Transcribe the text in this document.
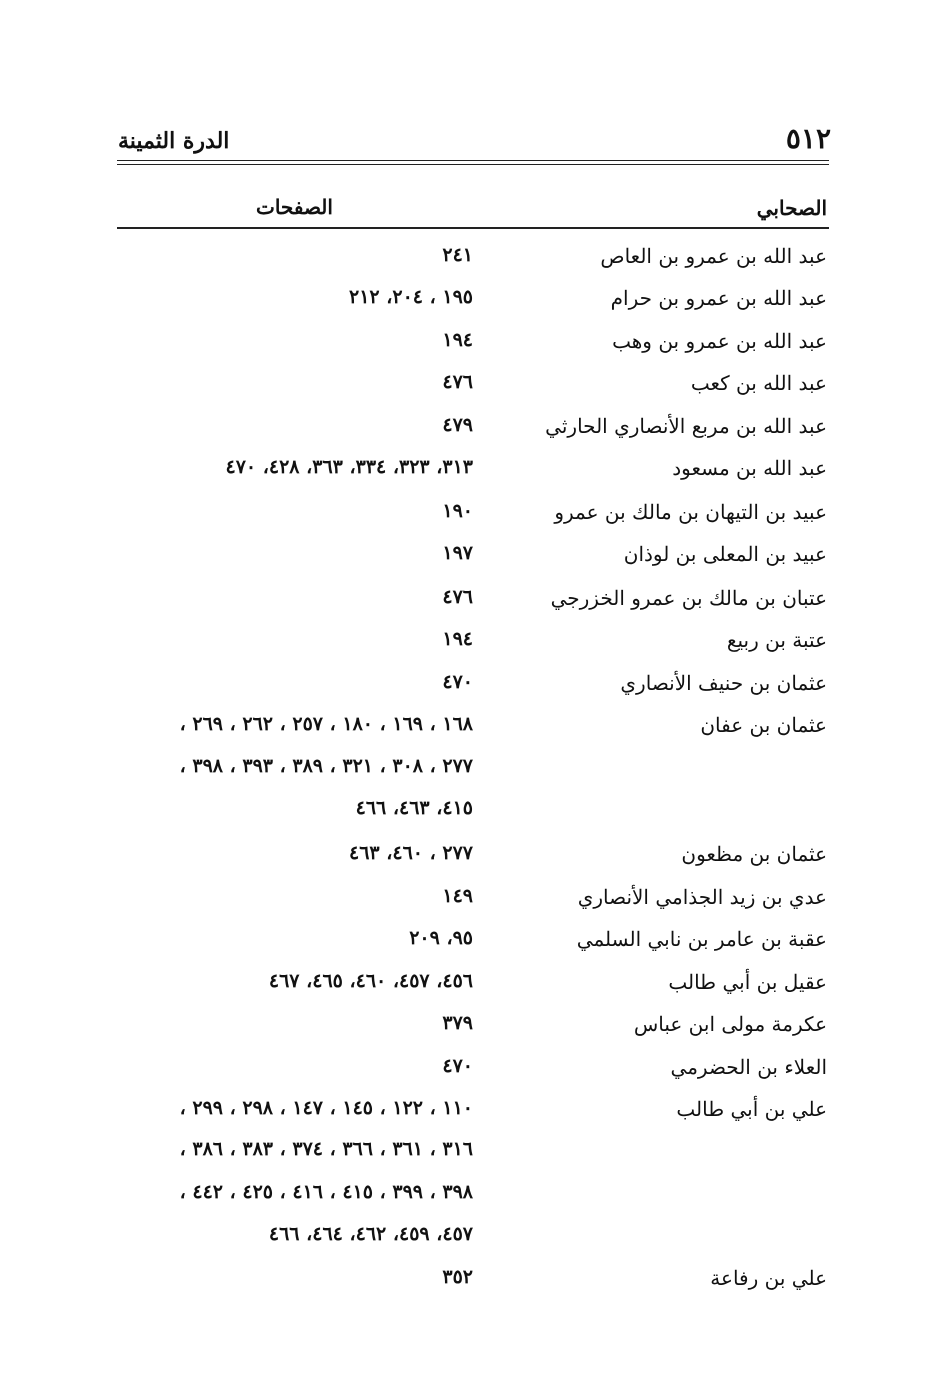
٥١٢
الدرة الثمينة
الصحابي
الصفحات
عبد الله بن عمرو بن العاص
٢٤١
عبد الله بن عمرو بن حرام
١٩٥ ، ٢٠٤، ٢١٢
عبد الله بن عمرو بن وهب
١٩٤
عبد الله بن كعب
٤٧٦
عبد الله بن مربع الأنصاري الحارثي
٤٧٩
عبد الله بن مسعود
٣١٣، ٣٢٣، ٣٣٤، ٣٦٣، ٤٢٨، ٤٧٠
عبيد بن التيهان بن مالك بن عمرو
١٩٠
عبيد بن المعلى بن لوذان
١٩٧
عتبان بن مالك بن عمرو الخزرجي
٤٧٦
عتبة بن ربيع
١٩٤
عثمان بن حنيف الأنصاري
٤٧٠
عثمان بن عفان
١٦٨ ، ١٦٩ ، ١٨٠ ، ٢٥٧ ، ٢٦٢ ، ٢٦٩ ،
٢٧٧ ، ٣٠٨ ، ٣٢١ ، ٣٨٩ ، ٣٩٣ ، ٣٩٨ ،
٤١٥، ٤٦٣، ٤٦٦
عثمان بن مظعون
٢٧٧ ، ٤٦٠، ٤٦٣
عدي بن زيد الجذامي الأنصاري
١٤٩
عقبة بن عامر بن نابي السلمي
٩٥، ٢٠٩
عقيل بن أبي طالب
٤٥٦، ٤٥٧، ٤٦٠، ٤٦٥، ٤٦٧
عكرمة مولى ابن عباس
٣٧٩
العلاء بن الحضرمي
٤٧٠
علي بن أبي طالب
١١٠ ، ١٢٢ ، ١٤٥ ، ١٤٧ ، ٢٩٨ ، ٢٩٩ ،
٣١٦ ، ٣٦١ ، ٣٦٦ ، ٣٧٤ ، ٣٨٣ ، ٣٨٦ ،
٣٩٨ ، ٣٩٩ ، ٤١٥ ، ٤١٦ ، ٤٢٥ ، ٤٤٢ ،
٤٥٧، ٤٥٩، ٤٦٢، ٤٦٤، ٤٦٦
علي بن رفاعة
٣٥٢
